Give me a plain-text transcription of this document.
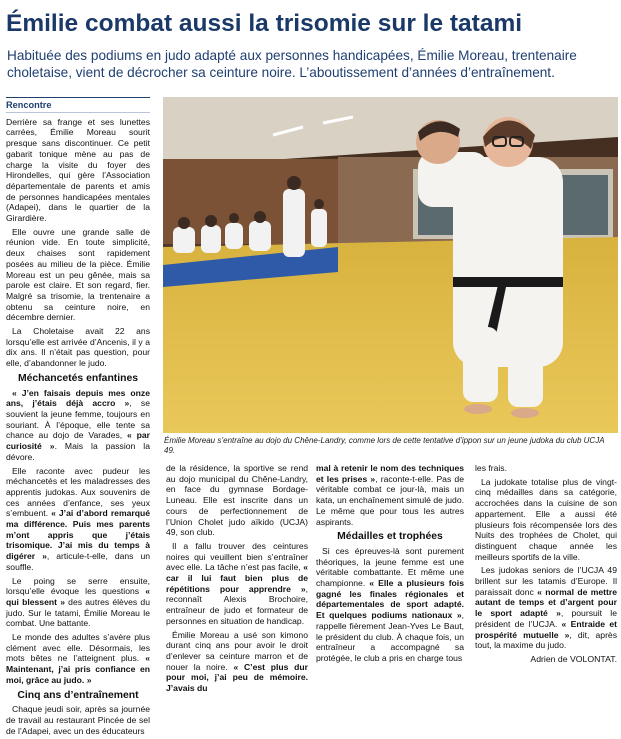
Émilie combat aussi la trisomie sur le tatami
Habituée des podiums en judo adapté aux personnes handicapées, Émilie Moreau, trentenaire choletaise, vient de décrocher sa ceinture noire. L’aboutissement d’années d’entraînement.
Rencontre

Derrière sa frange et ses lunettes carrées, Émilie Moreau sourit presque sans discontinuer. Ce petit gabarit tonique mène au pas de charge la visite du foyer des Hirondelles, qui gère l’Association départementale de parents et amis de personnes handicapées mentales (Adapei), dans le quartier de la Girardière.

Elle ouvre une grande salle de réunion vide. En toute simplicité, deux chaises sont rapidement posées au milieu de la pièce. Émilie Moreau est un peu gênée, mais sa parole est claire. Et son regard, fier. Malgré sa trisomie, la trentenaire a obtenu sa ceinture noire, en décembre dernier.

La Choletaise avait 22 ans lorsqu’elle est arrivée d’Ancenis, il y a dix ans. Il n’était pas question, pour elle, d’abandonner le judo.

Méchancetés enfantines

« J’en faisais depuis mes onze ans, j’étais déjà accro », se souvient la jeune femme, toujours en souriant. À l’époque, elle tente sa chance au dojo de Varades, « par curiosité ». Mais la passion la dévore.

Elle raconte avec pudeur les méchancetés et les maladresses des apprentis judokas. Aux souvenirs de ces années d’enfance, ses yeux s’embuent. « J’ai d’abord remarqué ma différence. Puis mes parents m’ont appris que j’étais trisomique. J’ai mis du temps à digérer », articule-t-elle, dans un souffle.

Le poing se serre ensuite, lorsqu’elle évoque les questions « qui blessent » des autres élèves du judo. Sur le tatami, Émilie Moreau le combat. Une battante.

Le monde des adultes s’avère plus clément avec elle. Désormais, les mots bêtes ne l’atteignent plus. « Maintenant, j’ai pris confiance en moi, grâce au judo. »

Cinq ans d’entraînement

Chaque jeudi soir, après sa journée de travail au restaurant Pincée de sel de l’Adapei, avec un des éducateurs

Émilie Moreau s’entraîne au dojo du Chêne-Landry, comme lors de cette tentative d’ippon sur un jeune judoka du club UCJA 49.

de la résidence, la sportive se rend au dojo municipal du Chêne-Landry, en face du gymnase Bordage-Luneau. Elle est inscrite dans un cours de perfectionnement de l’Union Cholet judo aïkido (UCJA) 49, son club.

Il a fallu trouver des ceintures noires qui veuillent bien s’entraîner avec elle. La tâche n’est pas facile, « car il lui faut bien plus de répétitions pour apprendre », reconnaît Alexis Brochoire, entraîneur de judo et formateur de personnes en situation de handicap.

Émilie Moreau a usé son kimono durant cinq ans pour avoir le droit d’enlever sa ceinture marron et de nouer la noire. « C’est plus dur pour moi, j’ai peu de mémoire. J’avais du

mal à retenir le nom des techniques et les prises », raconte-t-elle. Pas de véritable combat ce jour-là, mais un kata, un enchaînement simulé de judo. Le même que pour tous les autres aspirants.

Médailles et trophées

Si ces épreuves-là sont purement théoriques, la jeune femme est une véritable combattante. Et même une championne. « Elle a plusieurs fois gagné les finales régionales et départementales de sport adapté. Et quelques podiums nationaux », rappelle fièrement Jean-Yves Le Baut, le président du club. À chaque fois, un entraîneur a accompagné sa protégée, le club a pris en charge tous

les frais.

La judokate totalise plus de vingt-cinq médailles dans sa catégorie, accrochées dans la cuisine de son appartement. Elle a aussi été plusieurs fois récompensée lors des Nuits des trophées de Cholet, qui distinguent chaque année les meilleurs sportifs de la ville.

Les judokas seniors de l’UCJA 49 brillent sur les tatamis d’Europe. Il paraissait donc « normal de mettre autant de temps et d’argent pour le sport adapté », poursuit le président de l’UCJA. « Entraide et prospérité mutuelle », dit, après tout, la maxime du judo.

Adrien de VOLONTAT.
